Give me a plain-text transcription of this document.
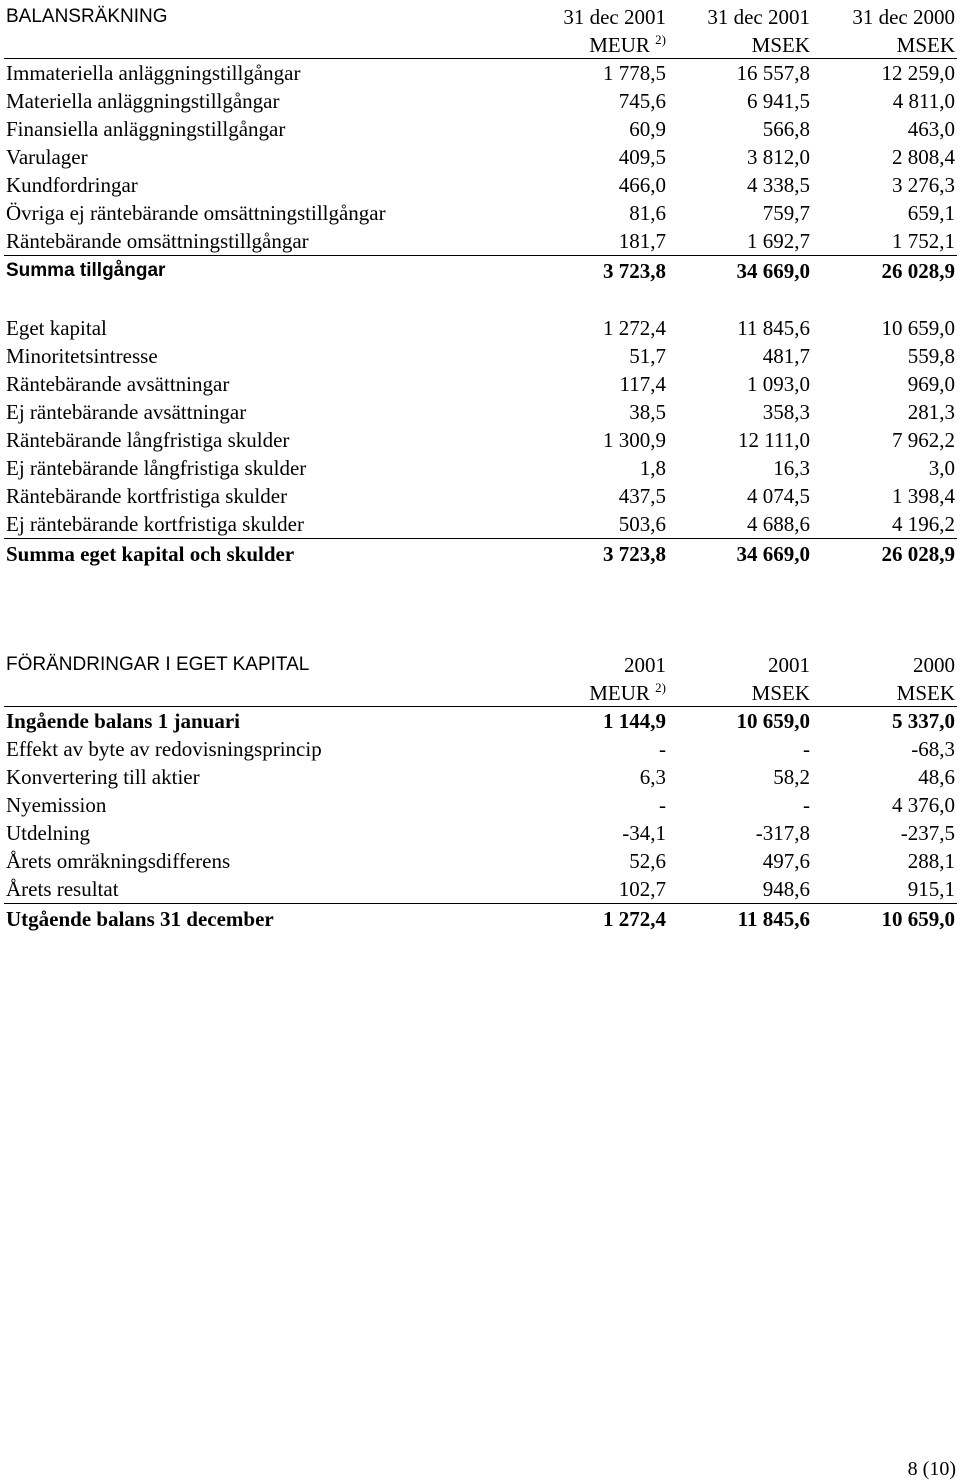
BALANSRÄKNING	31 dec 2001	31 dec 2001	31 dec 2000
	MEUR $^{2)}$	MSEK	MSEK
Immateriella anläggningstillgångar	1 778,5	16 557,8	12 259,0
Materiella anläggningstillgångar	745,6	6 941,5	4 811,0
Finansiella anläggningstillgångar	60,9	566,8	463,0
Varulager	409,5	3 812,0	2 808,4
Kundfordringar	466,0	4 338,5	3 276,3
Övriga ej räntebärande omsättningstillgångar	81,6	759,7	659,1
Räntebärande omsättningstillgångar	181,7	1 692,7	1 752,1
Summa tillgångar	3 723,8	34 669,0	26 028,9

Eget kapital	1 272,4	11 845,6	10 659,0
Minoritetsintresse	51,7	481,7	559,8
Räntebärande avsättningar	117,4	1 093,0	969,0
Ej räntebärande avsättningar	38,5	358,3	281,3
Räntebärande långfristiga skulder	1 300,9	12 111,0	7 962,2
Ej räntebärande långfristiga skulder	1,8	16,3	3,0
Räntebärande kortfristiga skulder	437,5	4 074,5	1 398,4
Ej räntebärande kortfristiga skulder	503,6	4 688,6	4 196,2
Summa eget kapital och skulder	3 723,8	34 669,0	26 028,9
FÖRÄNDRINGAR I EGET KAPITAL	2001	2001	2000
	MEUR $^{2)}$	MSEK	MSEK
Ingående balans 1 januari	1 144,9	10 659,0	5 337,0
Effekt av byte av redovisningsprincip	-	-	-68,3
Konvertering till aktier	6,3	58,2	48,6
Nyemission	-	-	4 376,0
Utdelning	-34,1	-317,8	-237,5
Årets omräkningsdifferens	52,6	497,6	288,1
Årets resultat	102,7	948,6	915,1
Utgående balans 31 december	1 272,4	11 845,6	10 659,0
8 (10)
